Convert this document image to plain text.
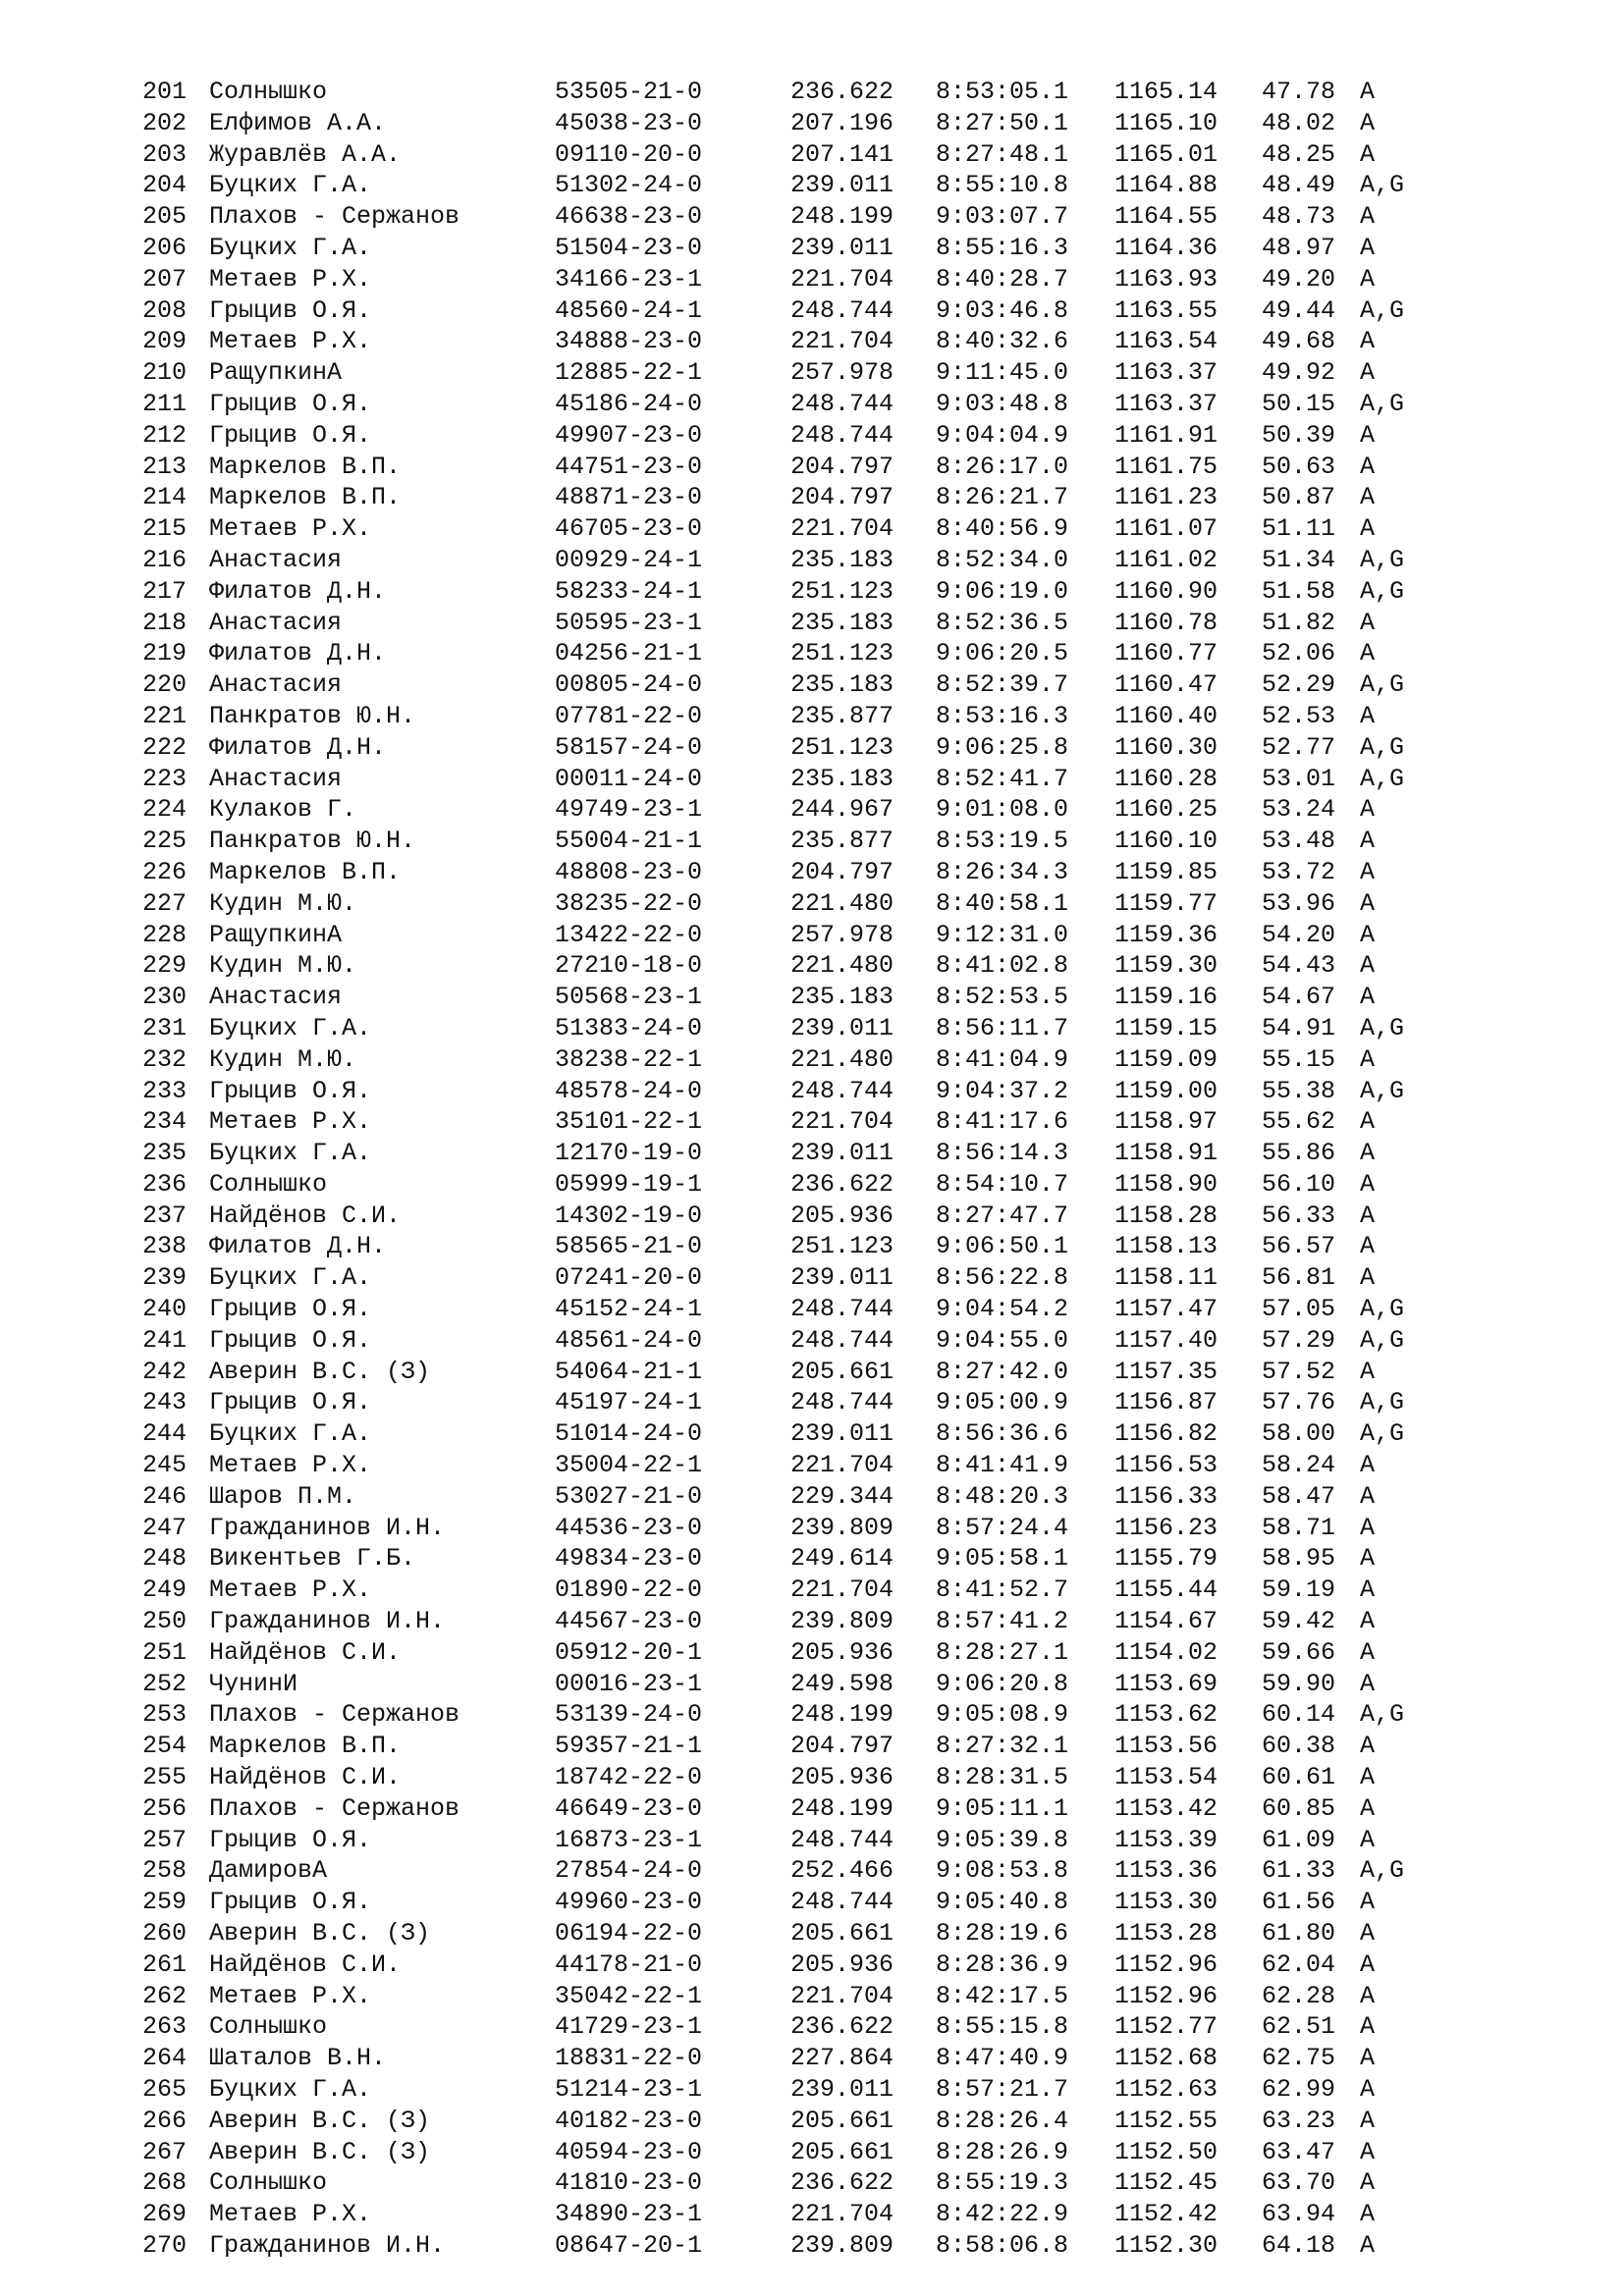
201 Солнышко	53505-21-0	236.622 8:53:05.1 1165.14 47.78 A
202 Елфимов А.А.	45038-23-0	207.196 8:27:50.1 1165.10 48.02 A
203 Журавлёв А.А.	09110-20-0	207.141 8:27:48.1 1165.01 48.25 A
204 Буцких Г.А.	51302-24-0	239.011 8:55:10.8 1164.88 48.49 A,G
205 Плахов - Сержанов	46638-23-0	248.199 9:03:07.7 1164.55 48.73 A
206 Буцких Г.А.	51504-23-0	239.011 8:55:16.3 1164.36 48.97 A
207 Метаев Р.Х.	34166-23-1	221.704 8:40:28.7 1163.93 49.20 A
208 Грыцив О.Я.	48560-24-1	248.744 9:03:46.8 1163.55 49.44 A,G
209 Метаев Р.Х.	34888-23-0	221.704 8:40:32.6 1163.54 49.68 A
210 РащупкинА	12885-22-1	257.978 9:11:45.0 1163.37 49.92 A
211 Грыцив О.Я.	45186-24-0	248.744 9:03:48.8 1163.37 50.15 A,G
212 Грыцив О.Я.	49907-23-0	248.744 9:04:04.9 1161.91 50.39 A
213 Маркелов В.П.	44751-23-0	204.797 8:26:17.0 1161.75 50.63 A
214 Маркелов В.П.	48871-23-0	204.797 8:26:21.7 1161.23 50.87 A
215 Метаев Р.Х.	46705-23-0	221.704 8:40:56.9 1161.07 51.11 A
216 Анастасия	00929-24-1	235.183 8:52:34.0 1161.02 51.34 A,G
217 Филатов Д.Н.	58233-24-1	251.123 9:06:19.0 1160.90 51.58 A,G
218 Анастасия	50595-23-1	235.183 8:52:36.5 1160.78 51.82 A
219 Филатов Д.Н.	04256-21-1	251.123 9:06:20.5 1160.77 52.06 A
220 Анастасия	00805-24-0	235.183 8:52:39.7 1160.47 52.29 A,G
221 Панкратов Ю.Н.	07781-22-0	235.877 8:53:16.3 1160.40 52.53 A
222 Филатов Д.Н.	58157-24-0	251.123 9:06:25.8 1160.30 52.77 A,G
223 Анастасия	00011-24-0	235.183 8:52:41.7 1160.28 53.01 A,G
224 Кулаков Г.	49749-23-1	244.967 9:01:08.0 1160.25 53.24 A
225 Панкратов Ю.Н.	55004-21-1	235.877 8:53:19.5 1160.10 53.48 A
226 Маркелов В.П.	48808-23-0	204.797 8:26:34.3 1159.85 53.72 A
227 Кудин М.Ю.	38235-22-0	221.480 8:40:58.1 1159.77 53.96 A
228 РащупкинА	13422-22-0	257.978 9:12:31.0 1159.36 54.20 A
229 Кудин М.Ю.	27210-18-0	221.480 8:41:02.8 1159.30 54.43 A
230 Анастасия	50568-23-1	235.183 8:52:53.5 1159.16 54.67 A
231 Буцких Г.А.	51383-24-0	239.011 8:56:11.7 1159.15 54.91 A,G
232 Кудин М.Ю.	38238-22-1	221.480 8:41:04.9 1159.09 55.15 A
233 Грыцив О.Я.	48578-24-0	248.744 9:04:37.2 1159.00 55.38 A,G
234 Метаев Р.Х.	35101-22-1	221.704 8:41:17.6 1158.97 55.62 A
235 Буцких Г.А.	12170-19-0	239.011 8:56:14.3 1158.91 55.86 A
236 Солнышко	05999-19-1	236.622 8:54:10.7 1158.90 56.10 A
237 Найдёнов С.И.	14302-19-0	205.936 8:27:47.7 1158.28 56.33 A
238 Филатов Д.Н.	58565-21-0	251.123 9:06:50.1 1158.13 56.57 A
239 Буцких Г.А.	07241-20-0	239.011 8:56:22.8 1158.11 56.81 A
240 Грыцив О.Я.	45152-24-1	248.744 9:04:54.2 1157.47 57.05 A,G
241 Грыцив О.Я.	48561-24-0	248.744 9:04:55.0 1157.40 57.29 A,G
242 Аверин В.С. (З)	54064-21-1	205.661 8:27:42.0 1157.35 57.52 A
243 Грыцив О.Я.	45197-24-1	248.744 9:05:00.9 1156.87 57.76 A,G
244 Буцких Г.А.	51014-24-0	239.011 8:56:36.6 1156.82 58.00 A,G
245 Метаев Р.Х.	35004-22-1	221.704 8:41:41.9 1156.53 58.24 A
246 Шаров П.М.	53027-21-0	229.344 8:48:20.3 1156.33 58.47 A
247 Гражданинов И.Н.	44536-23-0	239.809 8:57:24.4 1156.23 58.71 A
248 Викентьев Г.Б.	49834-23-0	249.614 9:05:58.1 1155.79 58.95 A
249 Метаев Р.Х.	01890-22-0	221.704 8:41:52.7 1155.44 59.19 A
250 Гражданинов И.Н.	44567-23-0	239.809 8:57:41.2 1154.67 59.42 A
251 Найдёнов С.И.	05912-20-1	205.936 8:28:27.1 1154.02 59.66 A
252 ЧунинИ	00016-23-1	249.598 9:06:20.8 1153.69 59.90 A
253 Плахов - Сержанов	53139-24-0	248.199 9:05:08.9 1153.62 60.14 A,G
254 Маркелов В.П.	59357-21-1	204.797 8:27:32.1 1153.56 60.38 A
255 Найдёнов С.И.	18742-22-0	205.936 8:28:31.5 1153.54 60.61 A
256 Плахов - Сержанов	46649-23-0	248.199 9:05:11.1 1153.42 60.85 A
257 Грыцив О.Я.	16873-23-1	248.744 9:05:39.8 1153.39 61.09 A
258 ДамировА	27854-24-0	252.466 9:08:53.8 1153.36 61.33 A,G
259 Грыцив О.Я.	49960-23-0	248.744 9:05:40.8 1153.30 61.56 A
260 Аверин В.С. (З)	06194-22-0	205.661 8:28:19.6 1153.28 61.80 A
261 Найдёнов С.И.	44178-21-0	205.936 8:28:36.9 1152.96 62.04 A
262 Метаев Р.Х.	35042-22-1	221.704 8:42:17.5 1152.96 62.28 A
263 Солнышко	41729-23-1	236.622 8:55:15.8 1152.77 62.51 A
264 Шаталов В.Н.	18831-22-0	227.864 8:47:40.9 1152.68 62.75 A
265 Буцких Г.А.	51214-23-1	239.011 8:57:21.7 1152.63 62.99 A
266 Аверин В.С. (З)	40182-23-0	205.661 8:28:26.4 1152.55 63.23 A
267 Аверин В.С. (З)	40594-23-0	205.661 8:28:26.9 1152.50 63.47 A
268 Солнышко	41810-23-0	236.622 8:55:19.3 1152.45 63.70 A
269 Метаев Р.Х.	34890-23-1	221.704 8:42:22.9 1152.42 63.94 A
270 Гражданинов И.Н.	08647-20-1	239.809 8:58:06.8 1152.30 64.18 A
